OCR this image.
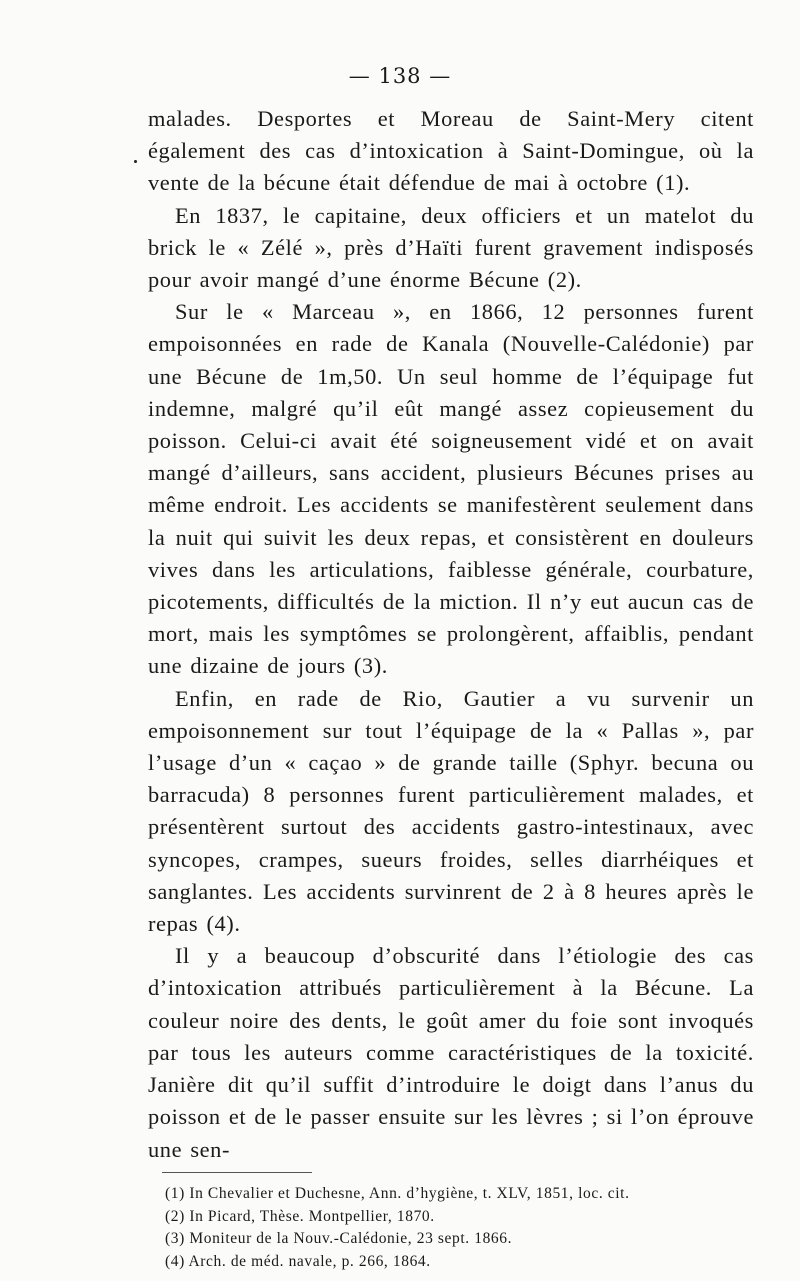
— 138 —

malades. Desportes et Moreau de Saint-Mery citent également des cas d’intoxication à Saint-Domingue, où la vente de la bécune était défendue de mai à octobre (1).

En 1837, le capitaine, deux officiers et un matelot du brick le « Zélé », près d’Haïti furent gravement indisposés pour avoir mangé d’une énorme Bécune (2).

Sur le « Marceau », en 1866, 12 personnes furent empoisonnées en rade de Kanala (Nouvelle-Calédonie) par une Bécune de 1m,50. Un seul homme de l’équipage fut indemne, malgré qu’il eût mangé assez copieusement du poisson. Celui-ci avait été soigneusement vidé et on avait mangé d’ailleurs, sans accident, plusieurs Bécunes prises au même endroit. Les accidents se manifestèrent seulement dans la nuit qui suivit les deux repas, et consistèrent en douleurs vives dans les articulations, faiblesse générale, courbature, picotements, difficultés de la miction. Il n’y eut aucun cas de mort, mais les symptômes se prolongèrent, affaiblis, pendant une dizaine de jours (3).

Enfin, en rade de Rio, Gautier a vu survenir un empoisonnement sur tout l’équipage de la « Pallas », par l’usage d’un « caçao » de grande taille (Sphyr. becuna ou barracuda) 8 personnes furent particulièrement malades, et présentèrent surtout des accidents gastro-intestinaux, avec syncopes, crampes, sueurs froides, selles diarrhéiques et sanglantes. Les accidents survinrent de 2 à 8 heures après le repas (4).

Il y a beaucoup d’obscurité dans l’étiologie des cas d’intoxication attribués particulièrement à la Bécune. La couleur noire des dents, le goût amer du foie sont invoqués par tous les auteurs comme caractéristiques de la toxicité. Janière dit qu’il suffit d’introduire le doigt dans l’anus du poisson et de le passer ensuite sur les lèvres ; si l’on éprouve une sen-

(1) In Chevalier et Duchesne, Ann. d’hygiène, t. XLV, 1851, loc. cit.
(2) In Picard, Thèse. Montpellier, 1870.
(3) Moniteur de la Nouv.-Calédonie, 23 sept. 1866.
(4) Arch. de méd. navale, p. 266, 1864.
